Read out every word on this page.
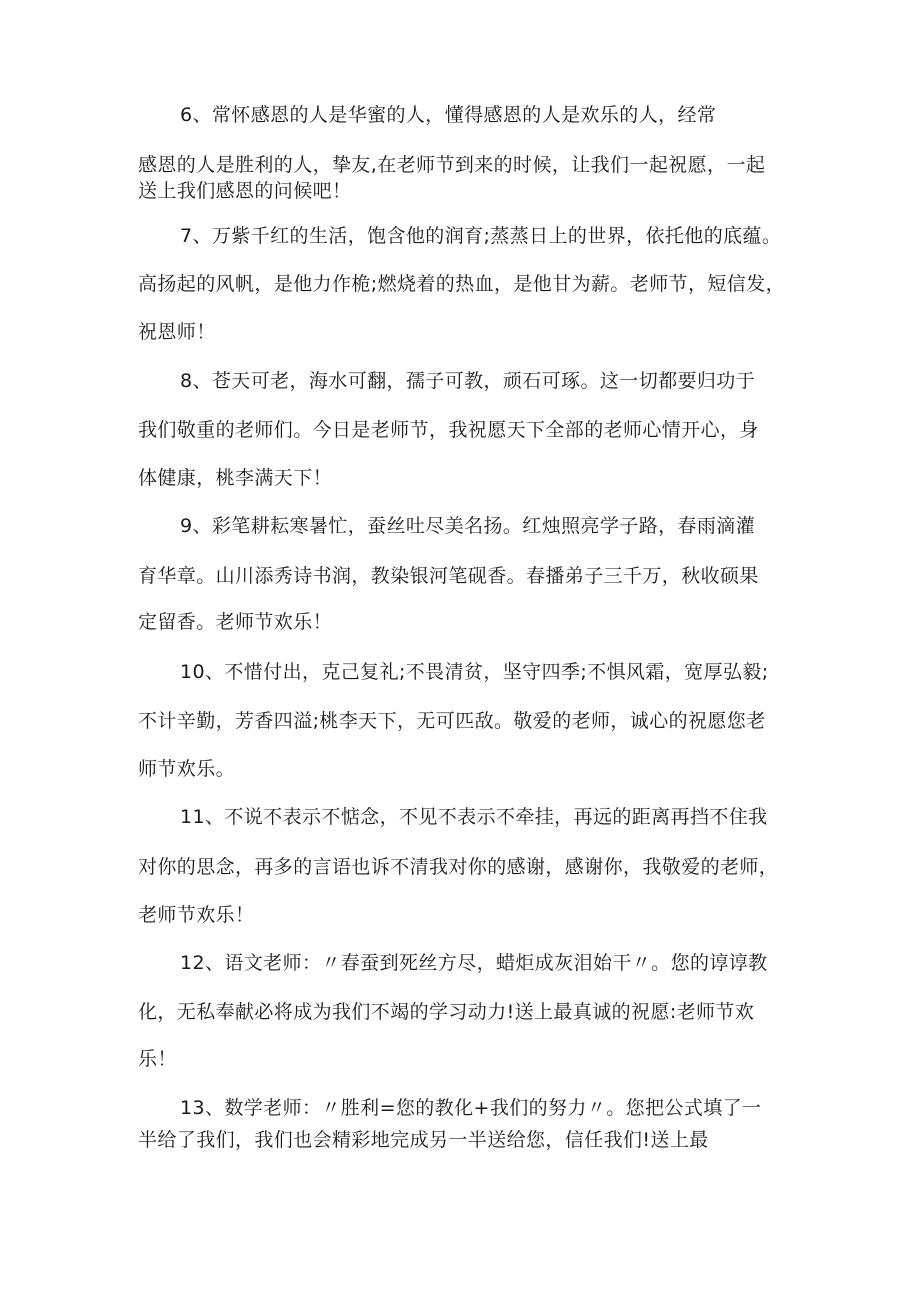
6、常怀感恩的人是华蜜的人，懂得感恩的人是欢乐的人，经常
感恩的人是胜利的人，挚友,在老师节到来的时候，让我们一起祝愿，一起
送上我们感恩的问候吧！
7、万紫千红的生活，饱含他的润育;蒸蒸日上的世界，依托他的底蕴。
高扬起的风帆，是他力作桅;燃烧着的热血，是他甘为薪。老师节，短信发，
祝恩师！
8、苍天可老，海水可翻，孺子可教，顽石可琢。这一切都要归功于
我们敬重的老师们。今日是老师节，我祝愿天下全部的老师心情开心，身
体健康，桃李满天下！
9、彩笔耕耘寒暑忙，蚕丝吐尽美名扬。红烛照亮学子路，春雨滴灌
育华章。山川添秀诗书润，教染银河笔砚香。春播弟子三千万，秋收硕果
定留香。老师节欢乐！
10、不惜付出，克己复礼;不畏清贫，坚守四季;不惧风霜，宽厚弘毅;
不计辛勤，芳香四溢;桃李天下，无可匹敌。敬爱的老师，诚心的祝愿您老
师节欢乐。
11、不说不表示不惦念，不见不表示不牵挂，再远的距离再挡不住我
对你的思念，再多的言语也诉不清我对你的感谢，感谢你，我敬爱的老师，
老师节欢乐！
12、语文老师：〃春蚕到死丝方尽，蜡炬成灰泪始干〃。您的谆谆教
化，无私奉献必将成为我们不竭的学习动力!送上最真诚的祝愿:老师节欢
乐！
13、数学老师：〃胜利=您的教化+我们的努力〃。您把公式填了一
半给了我们，我们也会精彩地完成另一半送给您，信任我们!送上最
